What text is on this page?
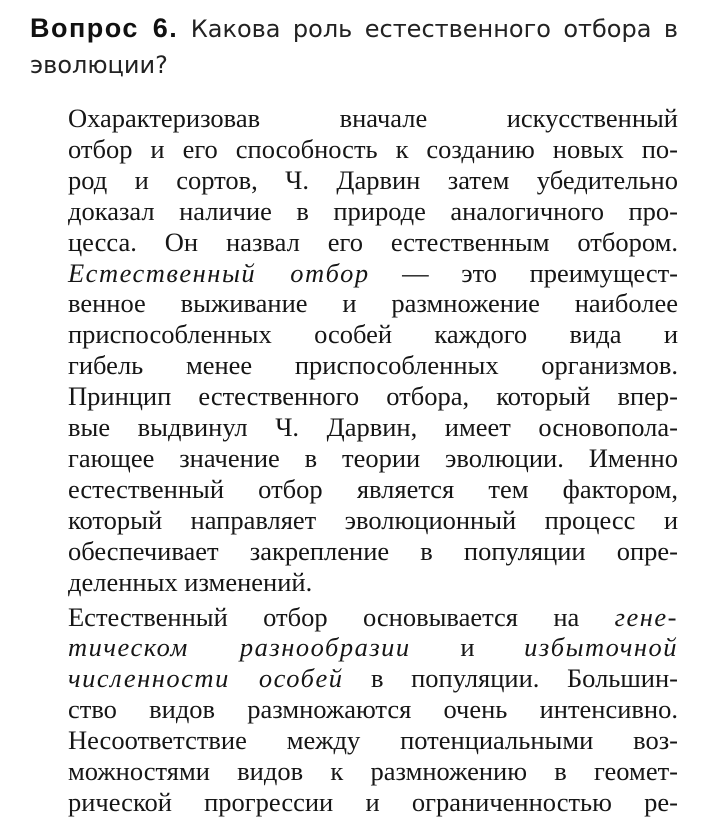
Вопрос 6. Какова роль естественного отбора в эволюции?

Охарактеризовав вначале искусственный
отбор и его способность к созданию новых по-
род и сортов, Ч. Дарвин затем убедительно
доказал наличие в природе аналогичного про-
цесса. Он назвал его естественным отбором.
Естественный отбор — это преимущест-
венное выживание и размножение наиболее
приспособленных особей каждого вида и
гибель менее приспособленных организмов.
Принцип естественного отбора, который впер-
вые выдвинул Ч. Дарвин, имеет основопола-
гающее значение в теории эволюции. Именно
естественный отбор является тем фактором,
который направляет эволюционный процесс и
обеспечивает закрепление в популяции опре-
деленных изменений.
Естественный отбор основывается на гене-
тическом разнообразии и избыточной
численности особей в популяции. Большин-
ство видов размножаются очень интенсивно.
Несоответствие между потенциальными воз-
можностями видов к размножению в геомет-
рической прогрессии и ограниченностью ре-
